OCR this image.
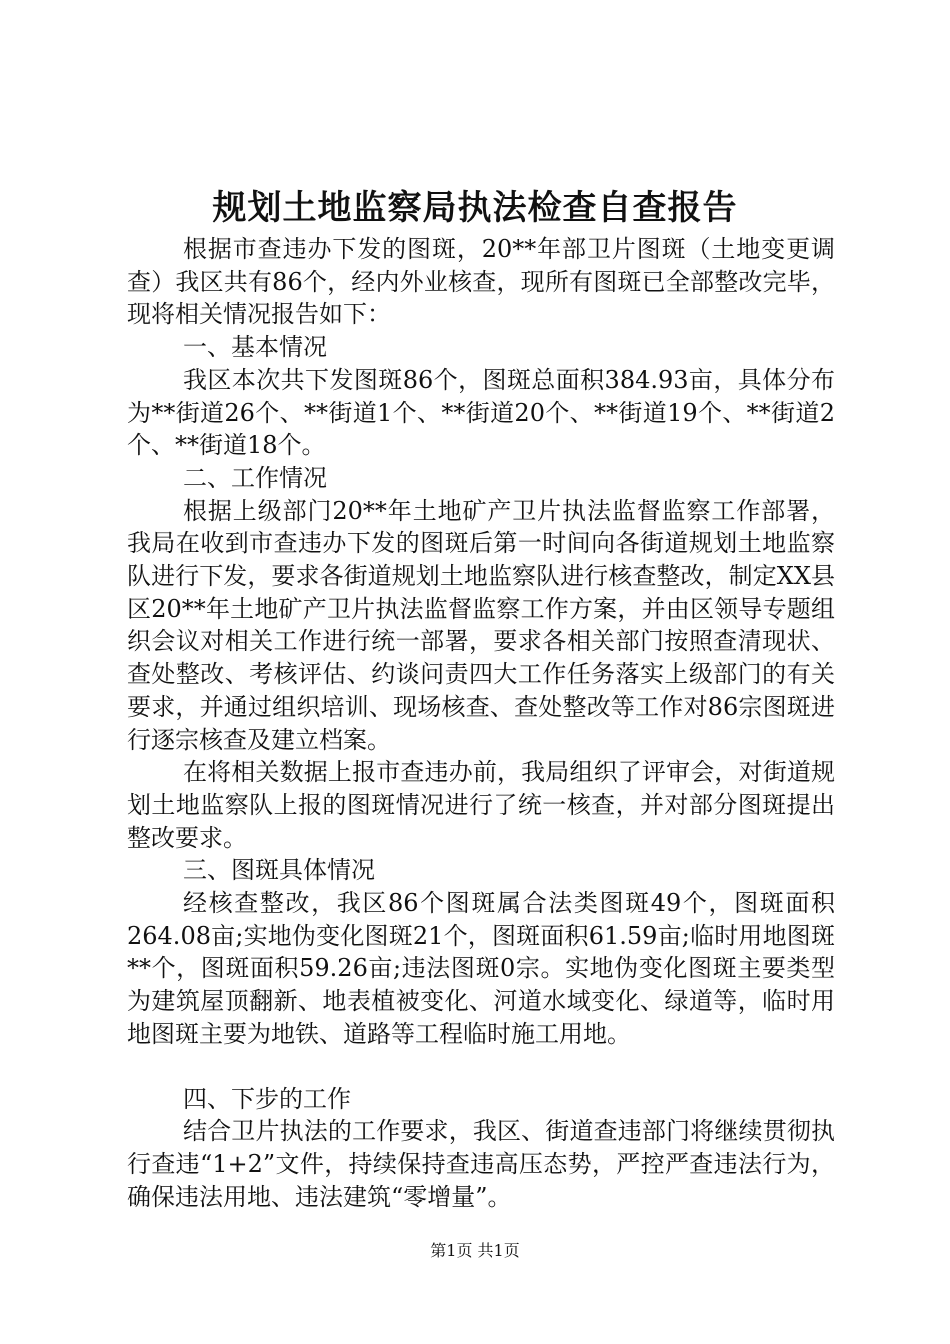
规划土地监察局执法检查自查报告

根据市查违办下发的图斑，20**年部卫片图斑（土地变更调查）我区共有86个，经内外业核查，现所有图斑已全部整改完毕，现将相关情况报告如下：

一、基本情况

我区本次共下发图斑86个，图斑总面积384.93亩，具体分布为**街道26个、**街道1个、**街道20个、**街道19个、**街道2个、**街道18个。

二、工作情况

根据上级部门20**年土地矿产卫片执法监督监察工作部署，我局在收到市查违办下发的图斑后第一时间向各街道规划土地监察队进行下发，要求各街道规划土地监察队进行核查整改，制定XX县区20**年土地矿产卫片执法监督监察工作方案，并由区领导专题组织会议对相关工作进行统一部署，要求各相关部门按照查清现状、查处整改、考核评估、约谈问责四大工作任务落实上级部门的有关要求，并通过组织培训、现场核查、查处整改等工作对86宗图斑进行逐宗核查及建立档案。

在将相关数据上报市查违办前，我局组织了评审会，对街道规划土地监察队上报的图斑情况进行了统一核查，并对部分图斑提出整改要求。

三、图斑具体情况

经核查整改，我区86个图斑属合法类图斑49个，图斑面积264.08亩;实地伪变化图斑21个，图斑面积61.59亩;临时用地图斑**个，图斑面积59.26亩;违法图斑0宗。实地伪变化图斑主要类型为建筑屋顶翻新、地表植被变化、河道水域变化、绿道等，临时用地图斑主要为地铁、道路等工程临时施工用地。

四、下步的工作

结合卫片执法的工作要求，我区、街道查违部门将继续贯彻执行查违“1+2”文件，持续保持查违高压态势，严控严查违法行为，确保违法用地、违法建筑“零增量”。

第1页 共1页
